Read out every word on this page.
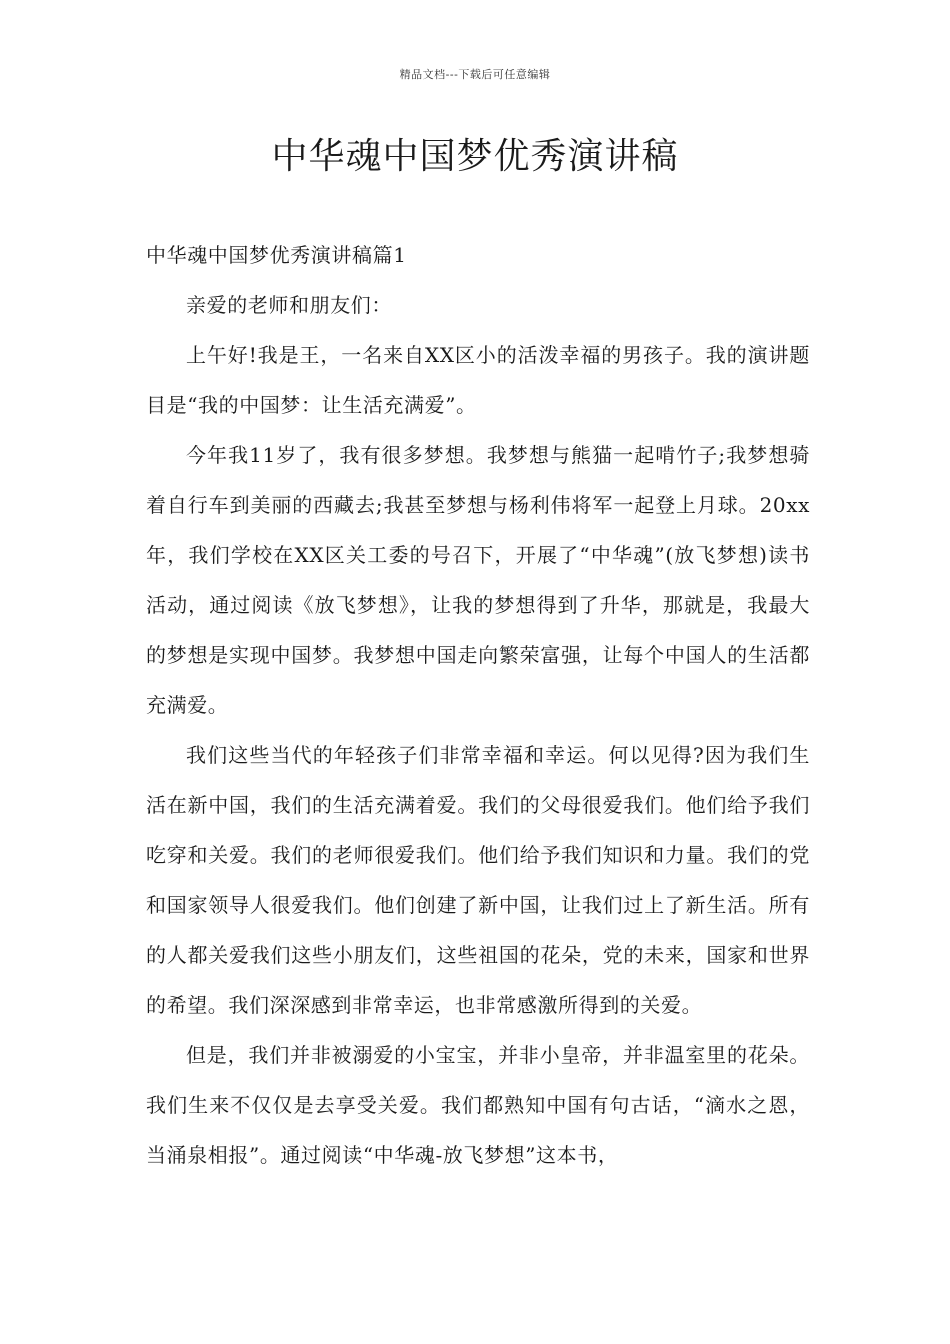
精品文档---下载后可任意编辑
中华魂中国梦优秀演讲稿
中华魂中国梦优秀演讲稿篇1

亲爱的老师和朋友们：

上午好!我是王，一名来自XX区小的活泼幸福的男孩子。我的演讲题目是“我的中国梦：让生活充满爱”。

今年我11岁了，我有很多梦想。我梦想与熊猫一起啃竹子;我梦想骑着自行车到美丽的西藏去;我甚至梦想与杨利伟将军一起登上月球。20xx年，我们学校在XX区关工委的号召下，开展了“中华魂”(放飞梦想)读书活动，通过阅读《放飞梦想》，让我的梦想得到了升华，那就是，我最大的梦想是实现中国梦。我梦想中国走向繁荣富强，让每个中国人的生活都充满爱。

我们这些当代的年轻孩子们非常幸福和幸运。何以见得?因为我们生活在新中国，我们的生活充满着爱。我们的父母很爱我们。他们给予我们吃穿和关爱。我们的老师很爱我们。他们给予我们知识和力量。我们的党和国家领导人很爱我们。他们创建了新中国，让我们过上了新生活。所有的人都关爱我们这些小朋友们，这些祖国的花朵，党的未来，国家和世界的希望。我们深深感到非常幸运，也非常感激所得到的关爱。

但是，我们并非被溺爱的小宝宝，并非小皇帝，并非温室里的花朵。我们生来不仅仅是去享受关爱。我们都熟知中国有句古话，“滴水之恩，当涌泉相报”。通过阅读“中华魂-放飞梦想”这本书，
